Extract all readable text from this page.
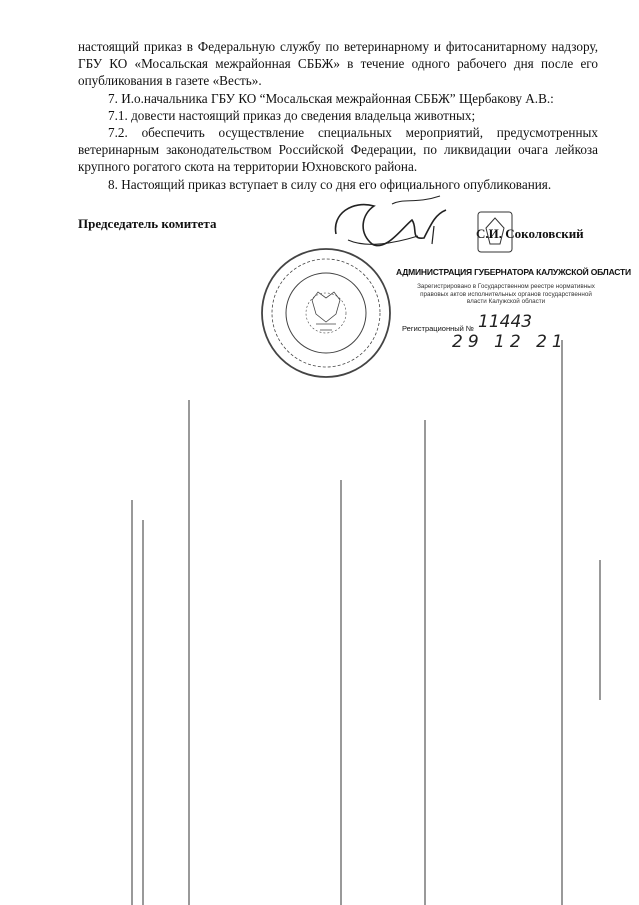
настоящий приказ в Федеральную службу по ветеринарному и фитосанитарному надзору, ГБУ КО «Мосальская межрайонная СББЖ» в течение одного рабочего дня после его опубликования в газете «Весть».

7. И.о.начальника ГБУ КО “Мосальская межрайонная СББЖ” Щербакову А.В.:

7.1. довести настоящий приказ до сведения владельца животных;

7.2. обеспечить осуществление специальных мероприятий, предусмотренных ветеринарным законодательством Российской Федерации, по ликвидации очага лейкоза крупного рогатого скота на территории Юхновского района.

8. Настоящий приказ вступает в силу со дня его официального опубликования.

Председатель комитета
С.И. Соколовский
АДМИНИСТРАЦИЯ ГУБЕРНАТОРА КАЛУЖСКОЙ ОБЛАСТИ
Зарегистрировано в Государственном реестре нормативных правовых актов исполнительных органов государственной власти Калужской области
Регистрационный № 11443
29 12 21
